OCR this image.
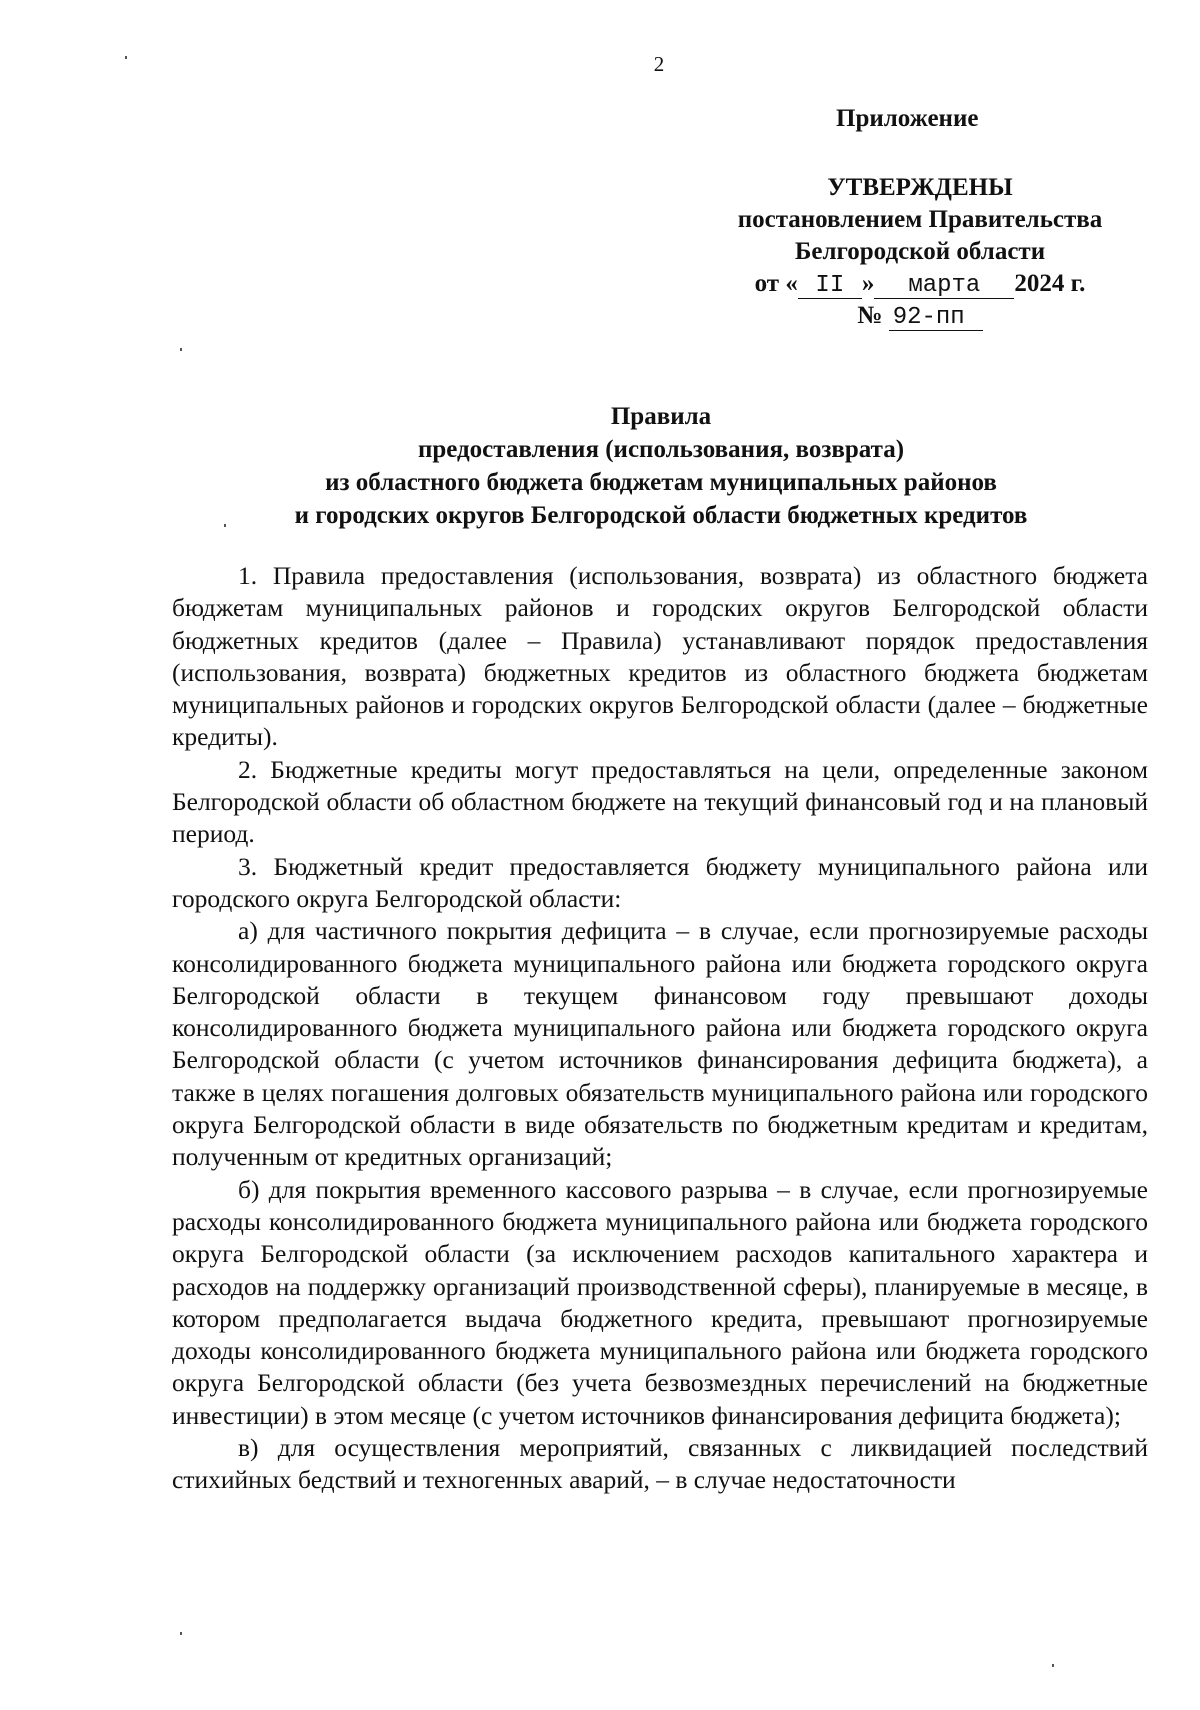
2
Приложение
УТВЕРЖДЕНЫ
постановлением Правительства
Белгородской области
от « II » марта 2024 г.
№ 92-пп
Правила
предоставления (использования, возврата)
из областного бюджета бюджетам муниципальных районов
и городских округов Белгородской области бюджетных кредитов

1. Правила предоставления (использования, возврата) из областного бюджета бюджетам муниципальных районов и городских округов Белгородской области бюджетных кредитов (далее – Правила) устанавливают порядок предоставления (использования, возврата) бюджетных кредитов из областного бюджета бюджетам муниципальных районов и городских округов Белгородской области (далее – бюджетные кредиты).

2. Бюджетные кредиты могут предоставляться на цели, определенные законом Белгородской области об областном бюджете на текущий финансовый год и на плановый период.

3. Бюджетный кредит предоставляется бюджету муниципального района или городского округа Белгородской области:

а) для частичного покрытия дефицита – в случае, если прогнозируемые расходы консолидированного бюджета муниципального района или бюджета городского округа Белгородской области в текущем финансовом году превышают доходы консолидированного бюджета муниципального района или бюджета городского округа Белгородской области (с учетом источников финансирования дефицита бюджета), а также в целях погашения долговых обязательств муниципального района или городского округа Белгородской области в виде обязательств по бюджетным кредитам и кредитам, полученным от кредитных организаций;

б) для покрытия временного кассового разрыва – в случае, если прогнозируемые расходы консолидированного бюджета муниципального района или бюджета городского округа Белгородской области (за исключением расходов капитального характера и расходов на поддержку организаций производственной сферы), планируемые в месяце, в котором предполагается выдача бюджетного кредита, превышают прогнозируемые доходы консолидированного бюджета муниципального района или бюджета городского округа Белгородской области (без учета безвозмездных перечислений на бюджетные инвестиции) в этом месяце (с учетом источников финансирования дефицита бюджета);

в) для осуществления мероприятий, связанных с ликвидацией последствий стихийных бедствий и техногенных аварий, – в случае недостаточности
